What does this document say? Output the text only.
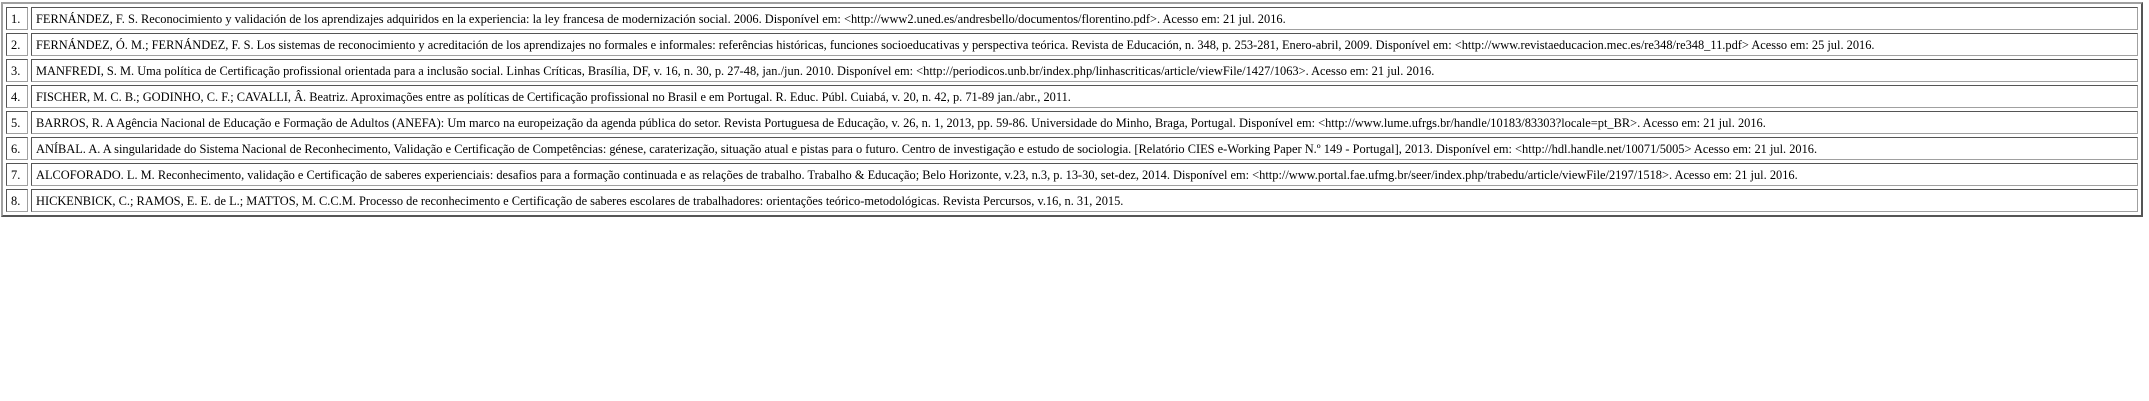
1.	FERNÁNDEZ, F. S. Reconocimiento y validación de los aprendizajes adquiridos en la experiencia: la ley francesa de modernización social. 2006. Disponível em: <http://www2.uned.es/andresbello/documentos/florentino.pdf>. Acesso em: 21 jul. 2016.
2.	FERNÁNDEZ, Ó. M.; FERNÁNDEZ, F. S. Los sistemas de reconocimiento y acreditación de los aprendizajes no formales e informales: referências históricas, funciones socioeducativas y perspectiva teórica. Revista de Educación, n. 348, p. 253-281, Enero-abril, 2009. Disponível em: <http://www.revistaeducacion.mec.es/re348/re348_11.pdf> Acesso em: 25 jul. 2016.
3.	MANFREDI, S. M. Uma política de Certificação profissional orientada para a inclusão social. Linhas Críticas, Brasília, DF, v. 16, n. 30, p. 27-48, jan./jun. 2010. Disponível em: <http://periodicos.unb.br/index.php/linhascriticas/article/viewFile/1427/1063>. Acesso em: 21 jul. 2016.
4.	FISCHER, M. C. B.; GODINHO, C. F.; CAVALLI, Â. Beatriz. Aproximações entre as políticas de Certificação profissional no Brasil e em Portugal. R. Educ. Públ. Cuiabá, v. 20, n. 42, p. 71-89 jan./abr., 2011.
5.	BARROS, R. A Agência Nacional de Educação e Formação de Adultos (ANEFA): Um marco na europeização da agenda pública do setor. Revista Portuguesa de Educação, v. 26, n. 1, 2013, pp. 59-86. Universidade do Minho, Braga, Portugal. Disponível em: <http://www.lume.ufrgs.br/handle/10183/83303?locale=pt_BR>. Acesso em: 21 jul. 2016.
6.	ANÍBAL. A. A singularidade do Sistema Nacional de Reconhecimento, Validação e Certificação de Competências: génese, caraterização, situação atual e pistas para o futuro. Centro de investigação e estudo de sociologia. [Relatório CIES e-Working Paper N.º 149 - Portugal], 2013. Disponível em: <http://hdl.handle.net/10071/5005> Acesso em: 21 jul. 2016.
7.	ALCOFORADO. L. M. Reconhecimento, validação e Certificação de saberes experienciais: desafios para a formação continuada e as relações de trabalho. Trabalho & Educação; Belo Horizonte, v.23, n.3, p. 13-30, set-dez, 2014. Disponível em: <http://www.portal.fae.ufmg.br/seer/index.php/trabedu/article/viewFile/2197/1518>. Acesso em: 21 jul. 2016.
8.	HICKENBICK, C.; RAMOS, E. E. de L.; MATTOS, M. C.C.M. Processo de reconhecimento e Certificação de saberes escolares de trabalhadores: orientações teórico-metodológicas. Revista Percursos, v.16, n. 31, 2015.
